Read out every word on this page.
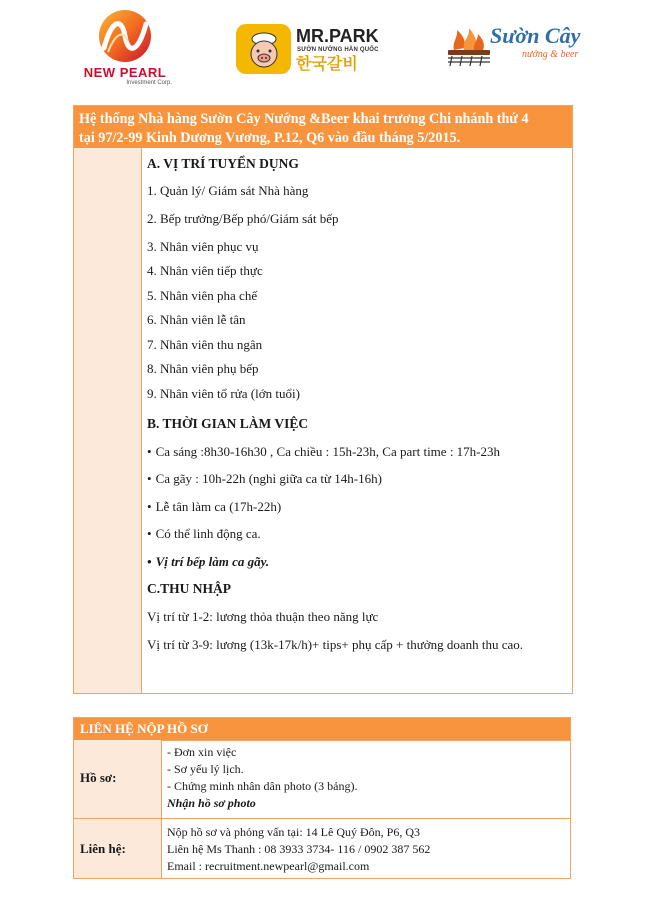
NEW PEARL
Investment Corp.
MR.PARK
SƯỜN NƯỚNG HÀN QUỐC
한국갈비
Sườn Cây
nướng & beer
Hệ thống Nhà hàng Sườn Cây Nướng &Beer khai trương Chi nhánh thứ 4
tại 97/2-99 Kinh Dương Vương, P.12, Q6 vào đầu tháng 5/2015.
A. VỊ TRÍ TUYỂN DỤNG
1. Quản lý/ Giám sát Nhà hàng
2. Bếp trưởng/Bếp phó/Giám sát bếp
3. Nhân viên phục vụ
4. Nhân viên tiếp thực
5. Nhân viên pha chế
6. Nhân viên lễ tân
7. Nhân viên thu ngân
8. Nhân viên phụ bếp
9. Nhân viên tổ rửa (lớn tuổi)
B. THỜI GIAN LÀM VIỆC
• Ca sáng :8h30-16h30 , Ca chiều : 15h-23h, Ca part time : 17h-23h
• Ca gãy : 10h-22h (nghỉ giữa ca từ 14h-16h)
• Lễ tân làm ca (17h-22h)
• Có thể linh động ca.
• Vị trí bếp làm ca gãy.
C.THU NHẬP
Vị trí từ 1-2: lương thỏa thuận theo năng lực
Vị trí từ 3-9: lương (13k-17k/h)+ tips+ phụ cấp + thưởng doanh thu cao.
LIÊN HỆ NỘP HỒ SƠ
Hồ sơ:
- Đơn xin việc
- Sơ yếu lý lịch.
- Chứng minh nhân dân photo (3 bảng).
Nhận hồ sơ photo
Liên hệ:
Nộp hồ sơ và phỏng vấn tại: 14 Lê Quý Đôn, P6, Q3
Liên hệ Ms Thanh : 08 3933 3734- 116 / 0902 387 562
Email : recruitment.newpearl@gmail.com
